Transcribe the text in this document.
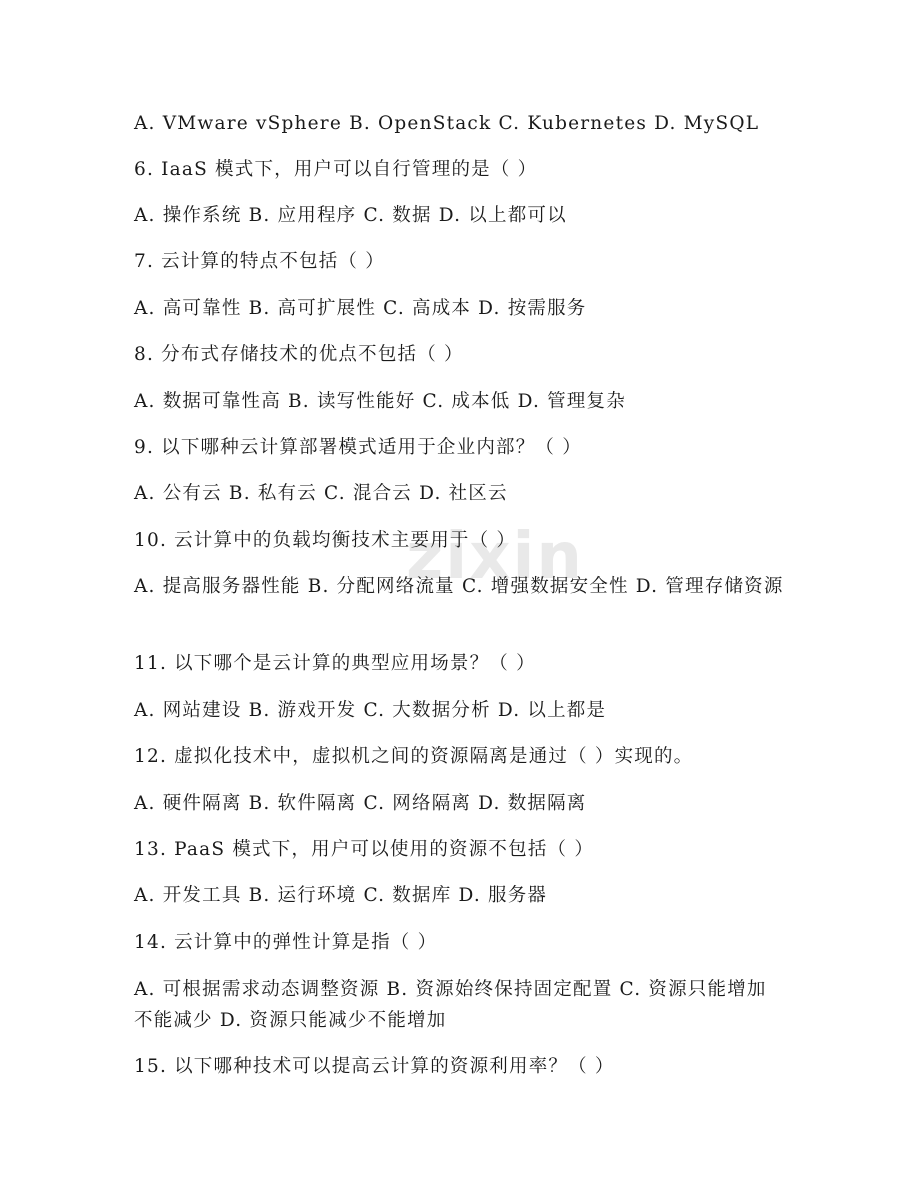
zixin
A. VMware vSphere B. OpenStack C. Kubernetes D. MySQL
6. IaaS 模式下，用户可以自行管理的是（ ）
A. 操作系统 B. 应用程序 C. 数据 D. 以上都可以
7. 云计算的特点不包括（ ）
A. 高可靠性 B. 高可扩展性 C. 高成本 D. 按需服务
8. 分布式存储技术的优点不包括（ ）
A. 数据可靠性高 B. 读写性能好 C. 成本低 D. 管理复杂
9. 以下哪种云计算部署模式适用于企业内部？（ ）
A. 公有云 B. 私有云 C. 混合云 D. 社区云
10. 云计算中的负载均衡技术主要用于（ ）
A. 提高服务器性能 B. 分配网络流量 C. 增强数据安全性 D. 管理存储资源
11. 以下哪个是云计算的典型应用场景？（ ）
A. 网站建设 B. 游戏开发 C. 大数据分析 D. 以上都是
12. 虚拟化技术中，虚拟机之间的资源隔离是通过（ ）实现的。
A. 硬件隔离 B. 软件隔离 C. 网络隔离 D. 数据隔离
13. PaaS 模式下，用户可以使用的资源不包括（ ）
A. 开发工具 B. 运行环境 C. 数据库 D. 服务器
14. 云计算中的弹性计算是指（ ）
A. 可根据需求动态调整资源 B. 资源始终保持固定配置 C. 资源只能增加不能减少 D. 资源只能减少不能增加
15. 以下哪种技术可以提高云计算的资源利用率？（ ）
